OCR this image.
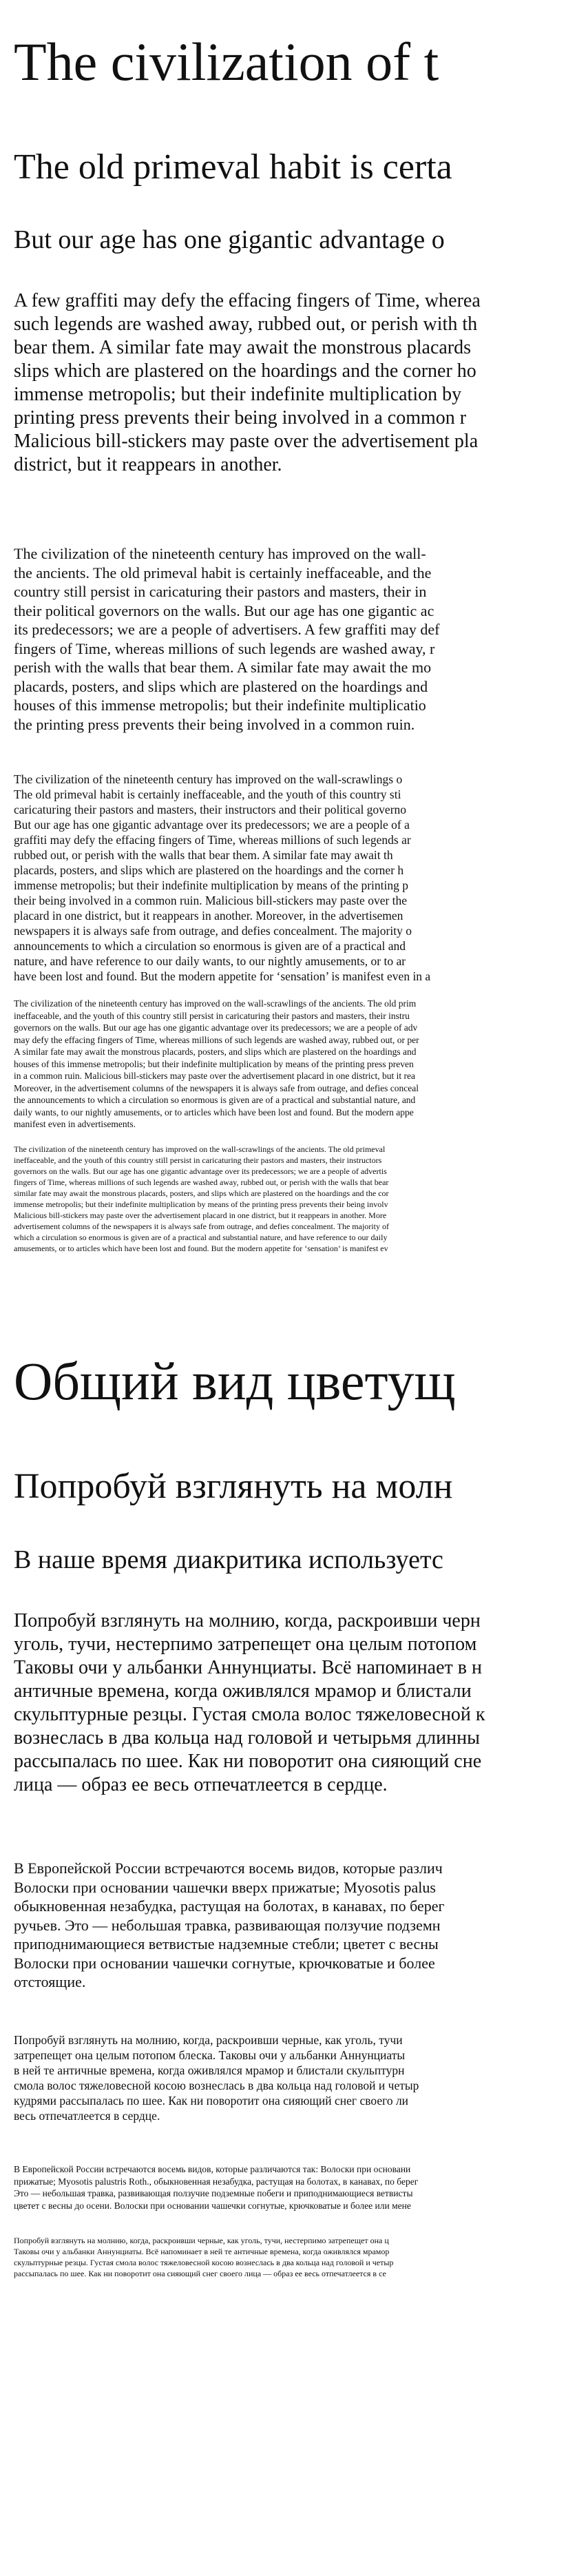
The civilization of t

The old primeval habit is certa

But our age has one gigantic advantage o

A few graffiti may defy the effacing fingers of Time, wherea

such legends are washed away, rubbed out, or perish with th

bear them. A similar fate may await the monstrous placards

slips which are plastered on the hoardings and the corner ho

immense metropolis; but their indefinite multiplication by

printing press prevents their being involved in a common r

Malicious bill-stickers may paste over the advertisement pla

district, but it reappears in another.

The civilization of the nineteenth century has improved on the wall-

the ancients. The old primeval habit is certainly ineffaceable, and the

country still persist in caricaturing their pastors and masters, their in

their political governors on the walls. But our age has one gigantic ac

its predecessors; we are a people of advertisers. A few graffiti may def

fingers of Time, whereas millions of such legends are washed away, r

perish with the walls that bear them. A similar fate may await the mo

placards, posters, and slips which are plastered on the hoardings and

houses of this immense metropolis; but their indefinite multiplicatio

the printing press prevents their being involved in a common ruin.

The civilization of the nineteenth century has improved on the wall-scrawlings o

The old primeval habit is certainly ineffaceable, and the youth of this country sti

caricaturing their pastors and masters, their instructors and their political governo

But our age has one gigantic advantage over its predecessors; we are a people of a

graffiti may defy the effacing fingers of Time, whereas millions of such legends ar

rubbed out, or perish with the walls that bear them. A similar fate may await th

placards, posters, and slips which are plastered on the hoardings and the corner h

immense metropolis; but their indefinite multiplication by means of the printing p

their being involved in a common ruin. Malicious bill-stickers may paste over the

placard in one district, but it reappears in another. Moreover, in the advertisemen

newspapers it is always safe from outrage, and defies concealment. The majority o

announcements to which a circulation so enormous is given are of a practical and

nature, and have reference to our daily wants, to our nightly amusements, or to ar

have been lost and found. But the modern appetite for ‘sensation’ is manifest even in a

The civilization of the nineteenth century has improved on the wall-scrawlings of the ancients. The old prim

ineffaceable, and the youth of this country still persist in caricaturing their pastors and masters, their instru

governors on the walls. But our age has one gigantic advantage over its predecessors; we are a people of adv

may defy the effacing fingers of Time, whereas millions of such legends are washed away, rubbed out, or per

A similar fate may await the monstrous placards, posters, and slips which are plastered on the hoardings and

houses of this immense metropolis; but their indefinite multiplication by means of the printing press preven

in a common ruin. Malicious bill-stickers may paste over the advertisement placard in one district, but it rea

Moreover, in the advertisement columns of the newspapers it is always safe from outrage, and defies conceal

the announcements to which a circulation so enormous is given are of a practical and substantial nature, and

daily wants, to our nightly amusements, or to articles which have been lost and found. But the modern appe

manifest even in advertisements.

The civilization of the nineteenth century has improved on the wall-scrawlings of the ancients. The old primeval

ineffaceable, and the youth of this country still persist in caricaturing their pastors and masters, their instructors

governors on the walls. But our age has one gigantic advantage over its predecessors; we are a people of advertis

fingers of Time, whereas millions of such legends are washed away, rubbed out, or perish with the walls that bear

similar fate may await the monstrous placards, posters, and slips which are plastered on the hoardings and the cor

immense metropolis; but their indefinite multiplication by means of the printing press prevents their being involv

Malicious bill-stickers may paste over the advertisement placard in one district, but it reappears in another. More

advertisement columns of the newspapers it is always safe from outrage, and defies concealment. The majority of

which a circulation so enormous is given are of a practical and substantial nature, and have reference to our daily

amusements, or to articles which have been lost and found. But the modern appetite for ‘sensation’ is manifest ev

Общий вид цветущ

Попробуй взглянуть на молн

В наше время диакритика используетс

Попробуй взглянуть на молнию, когда, раскроивши черн

уголь, тучи, нестерпимо затрепещет она целым потопом

Таковы очи у альбанки Аннунциаты. Всё напоминает в н

античные времена, когда оживлялся мрамор и блистали

скульптурные резцы. Густая смола волос тяжеловесной к

вознеслась в два кольца над головой и четырьмя длинны

рассыпалась по шее. Как ни поворотит она сияющий сне

лица — образ ее весь отпечатлеется в сердце.

В Европейской России встречаются восемь видов, которые различ

Волоски при основании чашечки вверх прижатые; Myosotis palus

обыкновенная незабудка, растущая на болотах, в канавах, по берег

ручьев. Это — небольшая травка, развивающая ползучие подземн

приподнимающиеся ветвистые надземные стебли; цветет с весны

Волоски при основании чашечки согнутые, крючковатые и более

отстоящие.

Попробуй взглянуть на молнию, когда, раскроивши черные, как уголь, тучи

затрепещет она целым потопом блеска. Таковы очи у альбанки Аннунциаты

в ней те античные времена, когда оживлялся мрамор и блистали скульптурн

смола волос тяжеловесной косою вознеслась в два кольца над головой и четыр

кудрями рассыпалась по шее. Как ни поворотит она сияющий снег своего ли

весь отпечатлеется в сердце.

В Европейской России встречаются восемь видов, которые различаются так: Волоски при основани

прижатые; Myosotis palustris Roth., обыкновенная незабудка, растущая на болотах, в канавах, по берег

Это — небольшая травка, развивающая ползучие подземные побеги и приподнимающиеся ветвисты

цветет с весны до осени. Волоски при основании чашечки согнутые, крючковатые и более или мене

Попробуй взглянуть на молнию, когда, раскроивши черные, как уголь, тучи, нестерпимо затрепещет она ц

Таковы очи у альбанки Аннунциаты. Всё напоминает в ней те античные времена, когда оживлялся мрамор

скульптурные резцы. Густая смола волос тяжеловесной косою вознеслась в два кольца над головой и четыр

рассыпалась по шее. Как ни поворотит она сияющий снег своего лица — образ ее весь отпечатлеется в се
